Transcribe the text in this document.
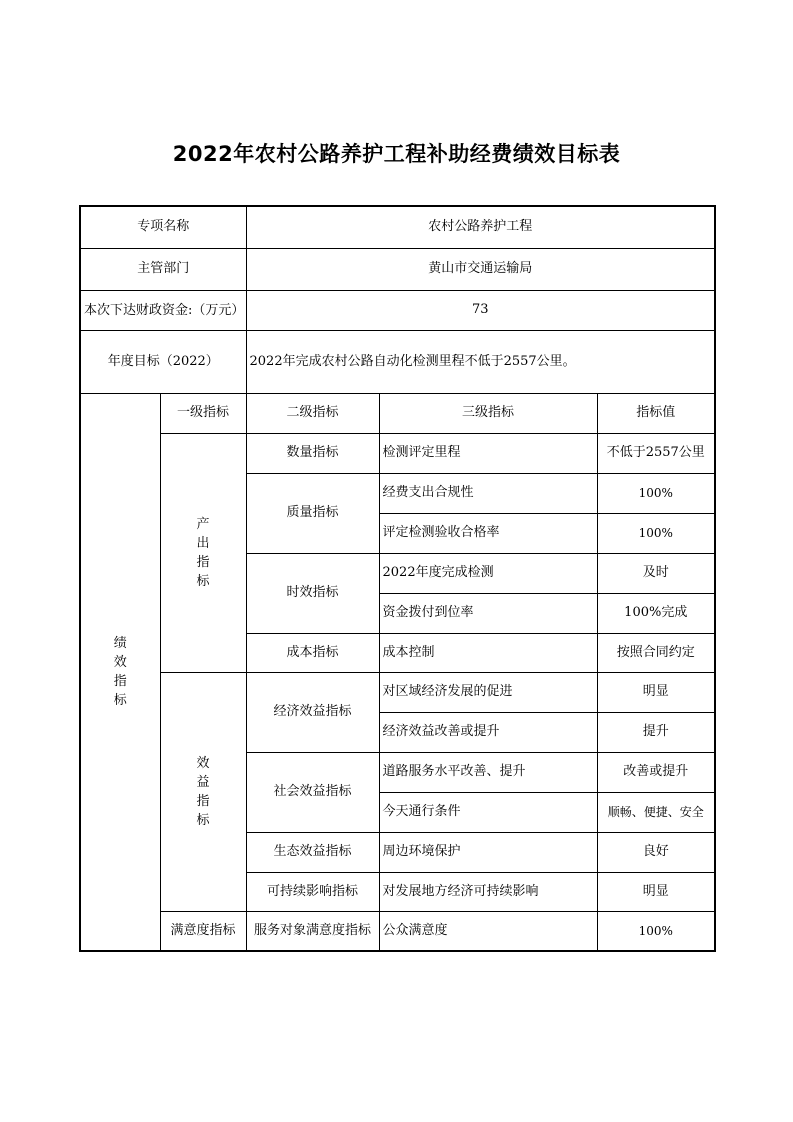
2022年农村公路养护工程补助经费绩效目标表
专项名称		农村公路养护工程		
主管部门		黄山市交通运输局		
本次下达财政资金:（万元）		73		
年度目标（2022）		2022年完成农村公路自动化检测里程不低于2557公里。		
绩效指标	一级指标	二级指标	三级指标	指标值
	产出指标	数量指标	检测评定里程	不低于2557公里
		质量指标	经费支出合规性	100%
			评定检测验收合格率	100%
		时效指标	2022年度完成检测	及时
			资金拨付到位率	100%完成
		成本指标	成本控制	按照合同约定
	效益指标	经济效益指标	对区域经济发展的促进	明显
			经济效益改善或提升	提升
		社会效益指标	道路服务水平改善、提升	改善或提升
			今天通行条件	顺畅、便捷、安全
		生态效益指标	周边环境保护	良好
		可持续影响指标	对发展地方经济可持续影响	明显
	满意度指标	服务对象满意度指标	公众满意度	100%
